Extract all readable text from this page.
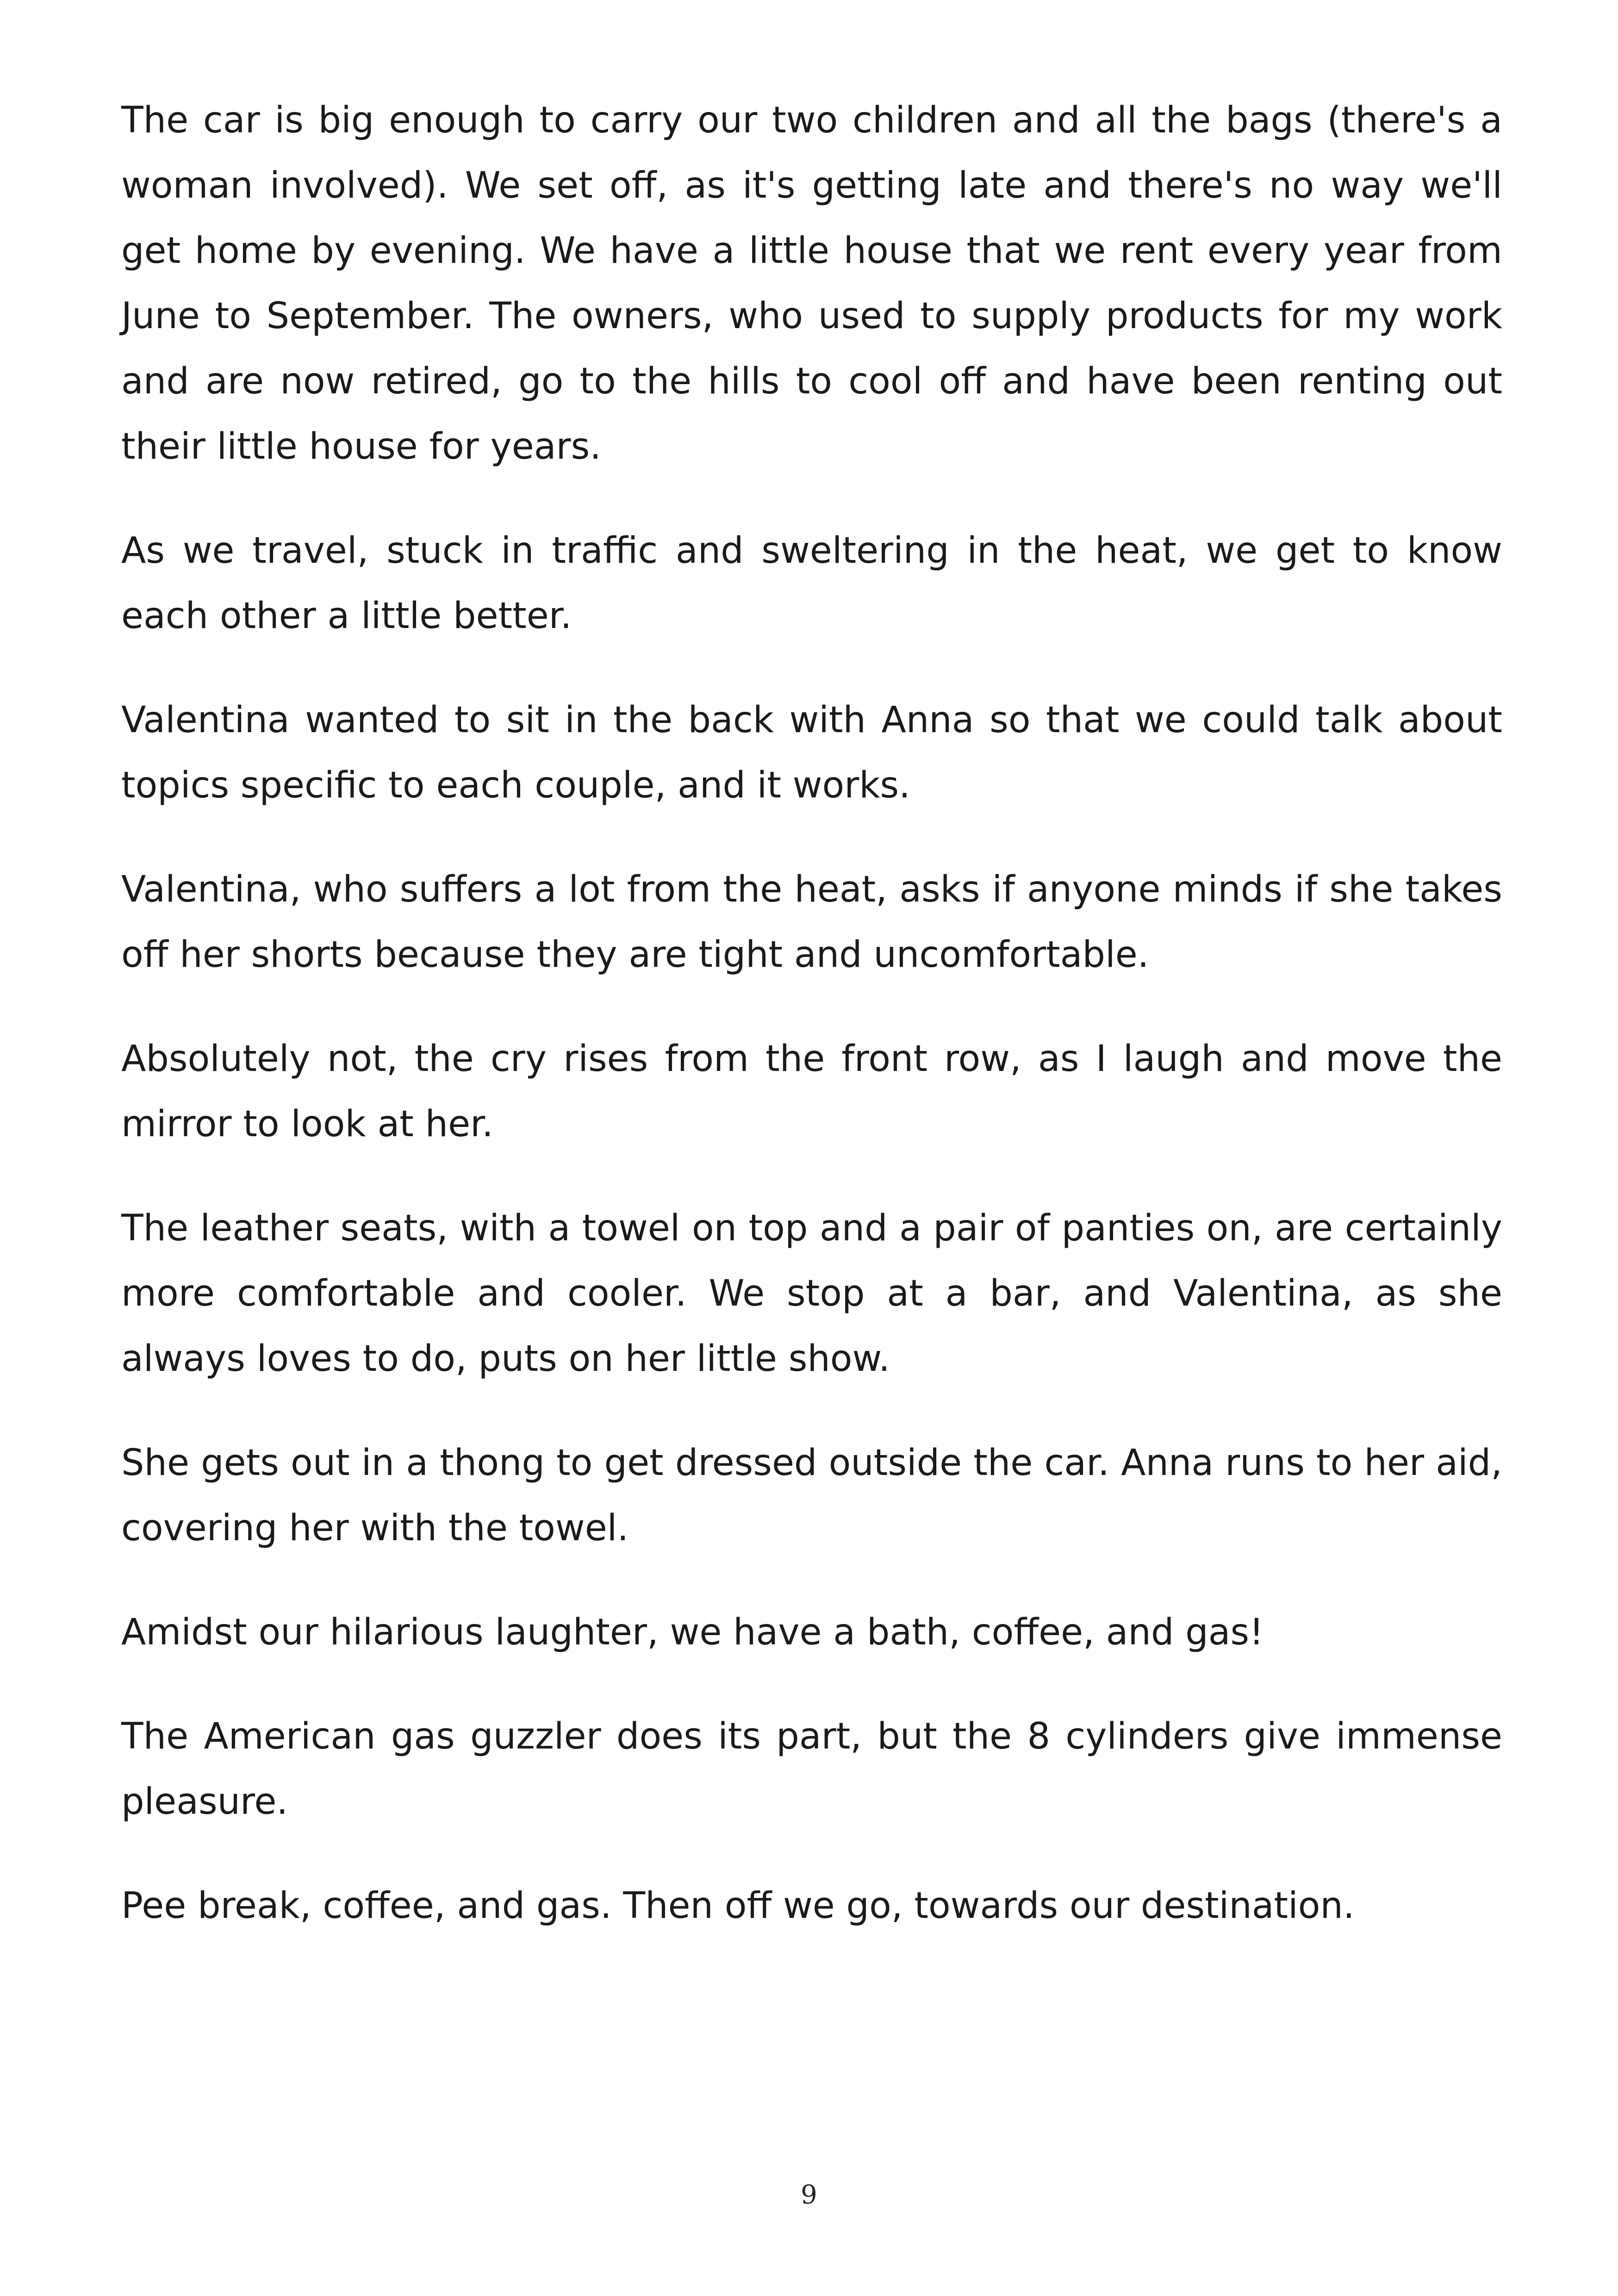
The car is big enough to carry our two children and all the bags (there's a woman involved). We set off, as it's getting late and there's no way we'll get home by evening. We have a little house that we rent every year from June to September. The owners, who used to supply products for my work and are now retired, go to the hills to cool off and have been renting out their little house for years.

As we travel, stuck in traffic and sweltering in the heat, we get to know each other a little better.

Valentina wanted to sit in the back with Anna so that we could talk about topics specific to each couple, and it works.

Valentina, who suffers a lot from the heat, asks if anyone minds if she takes off her shorts because they are tight and uncomfortable.

Absolutely not, the cry rises from the front row, as I laugh and move the mirror to look at her.

The leather seats, with a towel on top and a pair of panties on, are certainly more comfortable and cooler. We stop at a bar, and Valentina, as she always loves to do, puts on her little show.

She gets out in a thong to get dressed outside the car. Anna runs to her aid, covering her with the towel.

Amidst our hilarious laughter, we have a bath, coffee, and gas!

The American gas guzzler does its part, but the 8 cylinders give immense pleasure.

Pee break, coffee, and gas. Then off we go, towards our destination.

9
